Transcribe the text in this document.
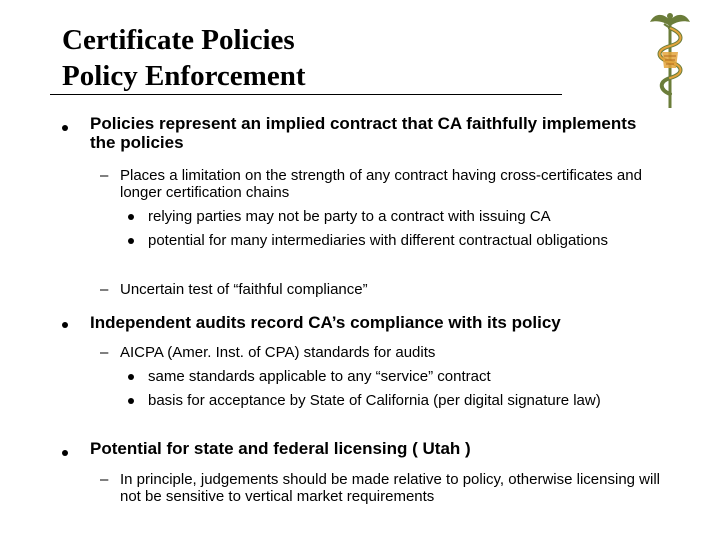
Certificate Policies
Policy Enforcement
Policies represent an implied contract that CA faithfully implements the policies
– Places a limitation on the strength of any contract having cross-certificates and longer certification chains
relying parties may not be party to a contract with issuing CA
potential for many intermediaries with different contractual obligations
– Uncertain test of “faithful compliance”
Independent audits record CA’s compliance with its policy
– AICPA (Amer. Inst. of CPA) standards for audits
same standards applicable to any “service” contract
basis for acceptance by State of California (per digital signature law)
Potential for state and federal licensing ( Utah )
– In principle, judgements should be made relative to policy, otherwise licensing will not be sensitive to vertical market requirements
